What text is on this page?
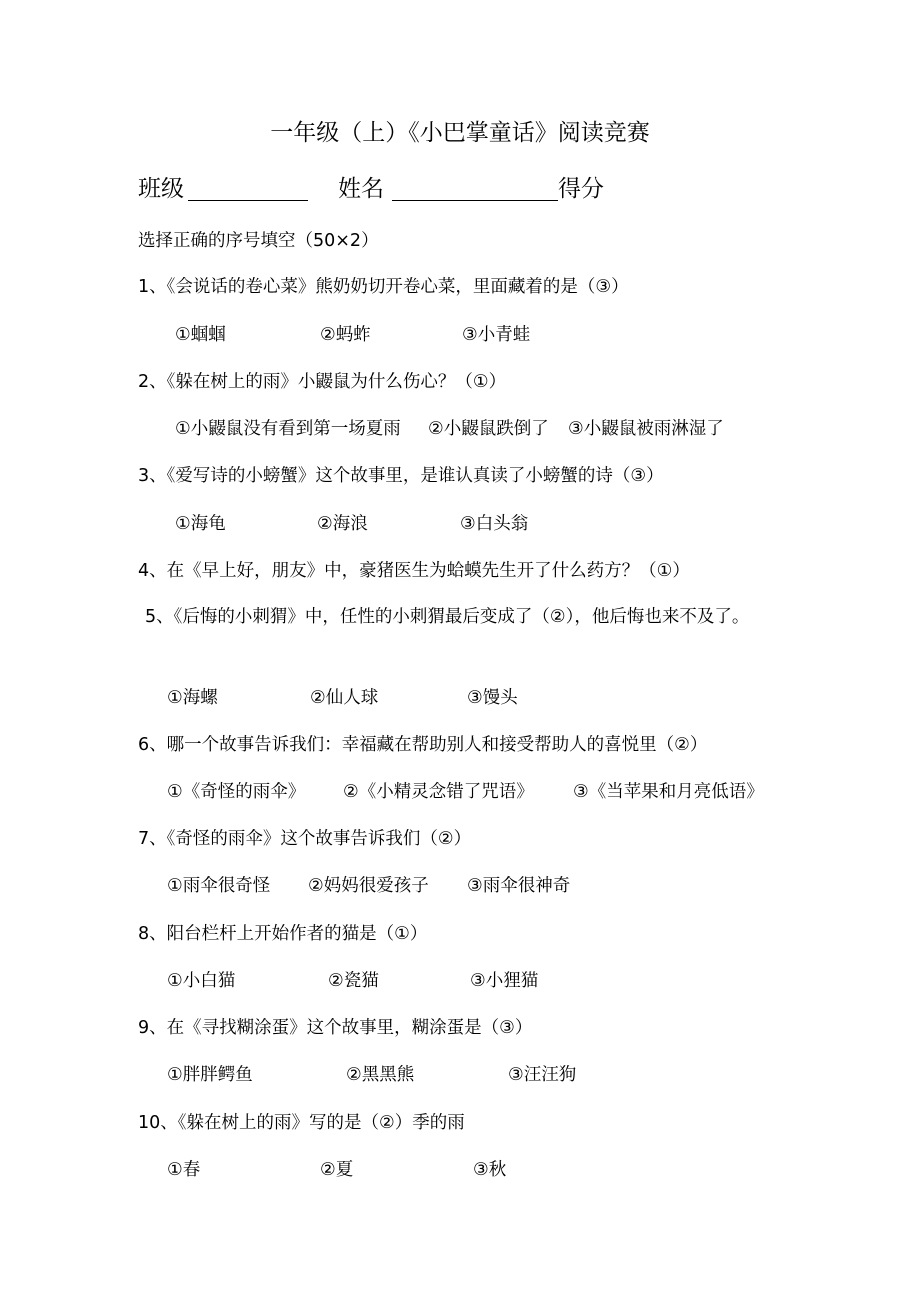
一年级（上）《小巴掌童话》阅读竞赛
班级	姓名	得分
选择正确的序号填空（50×2）
1、《会说话的卷心菜》熊奶奶切开卷心菜，里面藏着的是（③）
①蝈蝈	②蚂蚱	③小青蛙
2、《躲在树上的雨》小鼹鼠为什么伤心？（①）
①小鼹鼠没有看到第一场夏雨 ②小鼹鼠跌倒了 ③小鼹鼠被雨淋湿了
3、《爱写诗的小螃蟹》这个故事里，是谁认真读了小螃蟹的诗（③）
①海龟	②海浪	③白头翁
4、在《早上好，朋友》中，豪猪医生为蛤蟆先生开了什么药方？（①）
5、《后悔的小刺猬》中，任性的小刺猬最后变成了（②），他后悔也来不及了。
①海螺	②仙人球	③馒头
6、哪一个故事告诉我们：幸福藏在帮助别人和接受帮助人的喜悦里（②）
①《奇怪的雨伞》 ②《小精灵念错了咒语》 ③《当苹果和月亮低语》
7、《奇怪的雨伞》这个故事告诉我们（②）
①雨伞很奇怪 ②妈妈很爱孩子 ③雨伞很神奇
8、阳台栏杆上开始作者的猫是（①）
①小白猫	②瓷猫	③小狸猫
9、在《寻找糊涂蛋》这个故事里，糊涂蛋是（③）
①胖胖鳄鱼	②黑黑熊	③汪汪狗
10、《躲在树上的雨》写的是（②）季的雨
①春	②夏	③秋
